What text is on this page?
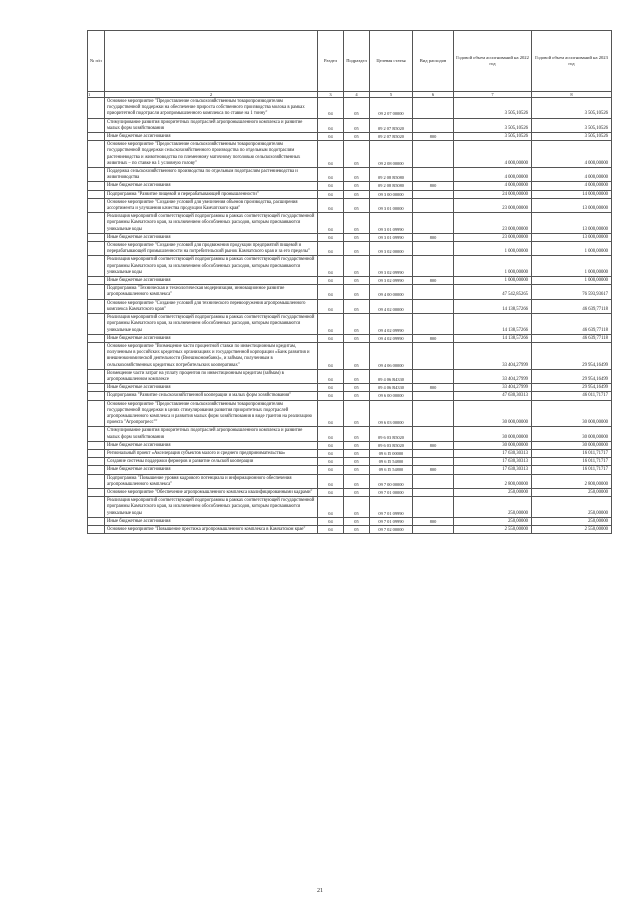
№ п/п		Раздел	Подраздел	Целевая статья	Вид расходов	Годовой объем ассигнований на 2022 год	Годовой объем ассигнований на 2023 год
1	2	3	4	5	6	7	8
	Основное мероприятие "Предоставление сельскохозяйственным товаропроизводителям государственной поддержки на обеспечение прироста собственного производства молока в рамках приоритетной подотрасли агропромышленного комплекса по ставке на 1 тонну"	04	05	09 2 07 00000		3 505,10526	3 505,10526
	Стимулирование развития приоритетных подотраслей агропромышленного комплекса и развитие малых форм хозяйствования	04	05	09 2 07 R5020		3 505,10526	3 505,10526
	Иные бюджетные ассигнования	04	05	09 2 07 R5020	800	3 505,10526	3 505,10526
	Основное мероприятие "Предоставление сельскохозяйственным товаропроизводителям государственной поддержки сельскохозяйственного производства по отдельным подотраслям растениеводства и животноводства по племенному маточному поголовью сельскохозяйственных животных – по ставке на 1 условную голову"	04	05	09 2 08 00000		4 000,00000	4 000,00000
	Поддержка сельскохозяйственного производства по отдельным подотраслям растениеводства и животноводства	04	05	09 2 08 R5080		4 000,00000	4 000,00000
	Иные бюджетные ассигнования	04	05	09 2 08 R5080	800	4 000,00000	4 000,00000
	Подпрограмма "Развитие пищевой и перерабатывающей промышленности"	04	05	09 3 00 00000		24 000,00000	14 000,00000
	Основное мероприятие "Создание условий для увеличения объемов производства, расширения ассортимента и улучшения качества продукции Камчатского края"	04	05	09 3 01 00000		23 000,00000	13 000,00000
	Реализация мероприятий соответствующей подпрограммы в рамках соответствующей государственной программы Камчатского края, за исключением обособленных расходов, которым присваиваются уникальные коды	04	05	09 3 01 09990		23 000,00000	13 000,00000
	Иные бюджетные ассигнования	04	05	09 3 01 09990	800	23 000,00000	13 000,00000
	Основное мероприятие "Создание условий для продвижения продукции предприятий пищевой и перерабатывающей промышленности на потребительский рынок Камчатского края и за его пределы"	04	05	09 3 02 00000		1 000,00000	1 000,00000
	Реализация мероприятий соответствующей подпрограммы в рамках соответствующей государственной программы Камчатского края, за исключением обособленных расходов, которым присваиваются уникальные коды	04	05	09 3 02 09990		1 000,00000	1 000,00000
	Иные бюджетные ассигнования	04	05	09 3 02 09990	800	1 000,00000	1 000,00000
	Подпрограмма "Техническая и технологическая модернизация, инновационное развитие агропромышленного комплекса"	04	05	09 4 00 00000		47 542,85265	76 593,93617
	Основное мероприятие "Создание условий для технического перевооружения агропромышленного комплекса Камчатского края"	04	05	09 4 02 00000		14 138,57266	46 639,77118
	Реализация мероприятий соответствующей подпрограммы в рамках соответствующей государственной программы Камчатского края, за исключением обособленных расходов, которым присваиваются уникальные коды	04	05	09 4 02 09990		14 138,57266	46 639,77118
	Иные бюджетные ассигнования	04	05	09 4 02 09990	800	14 138,57266	46 639,77118
	Основное мероприятие "Возмещение части процентной ставки по инвестиционным кредитам, полученным в российских кредитных организациях и государственной корпорации «Банк развития и внешнеэкономической деятельности (Внешэкономбанк)», и займам, полученным в сельскохозяйственных кредитных потребительских кооперативах"	04	05	09 4 06 00000		33 404,27999	29 954,16499
	Возмещение части затрат на уплату процентов по инвестиционным кредитам (займам) в агропромышленном комплексе	04	05	09 4 06 R4330		33 404,27999	29 954,16499
	Иные бюджетные ассигнования	04	05	09 4 06 R4330	800	33 404,27999	29 954,16499
	Подпрограмма "Развитие сельскохозяйственной кооперации и малых форм хозяйствования"	04	05	09 6 00 00000		47 630,30313	46 011,71717
	Основное мероприятие "Предоставление сельскохозяйственным товаропроизводителям государственной поддержки в целях стимулирования развития приоритетных подотраслей агропромышленного комплекса и развития малых форм хозяйствования в виде грантов на реализацию проекта "Агропрогресс""	04	05	09 6 03 00000		30 000,00000	30 000,00000
	Стимулирование развития приоритетных подотраслей агропромышленного комплекса и развитие малых форм хозяйствования	04	05	09 6 03 R5020		30 000,00000	30 000,00000
	Иные бюджетные ассигнования	04	05	09 6 03 R5020	800	30 000,00000	30 000,00000
	Региональный проект «Акселерация субъектов малого и среднего предпринимательства»	04	05	09 6 I5 00000		17 630,30313	16 011,71717
	Создание системы поддержки фермеров и развитие сельской кооперации	04	05	09 6 I5 54800		17 630,30313	16 011,71717
	Иные бюджетные ассигнования	04	05	09 6 I5 54800	800	17 630,30313	16 011,71717
	Подпрограмма "Повышение уровня кадрового потенциала и информационного обеспечения агропромышленного комплекса"	04	05	09 7 00 00000		2 800,00000	2 800,00000
	Основное мероприятие "Обеспечение агропромышленного комплекса квалифицированными кадрами"	04	05	09 7 01 00000		250,00000	250,00000
	Реализация мероприятий соответствующей подпрограммы в рамках соответствующей государственной программы Камчатского края, за исключением обособленных расходов, которым присваиваются уникальные коды	04	05	09 7 01 09990		250,00000	250,00000
	Иные бюджетные ассигнования	04	05	09 7 01 09990	800	250,00000	250,00000
	Основное мероприятие "Повышение престижа агропромышленного комплекса в Камчатском крае"	04	05	09 7 02 00000		2 550,00000	2 550,00000
21
